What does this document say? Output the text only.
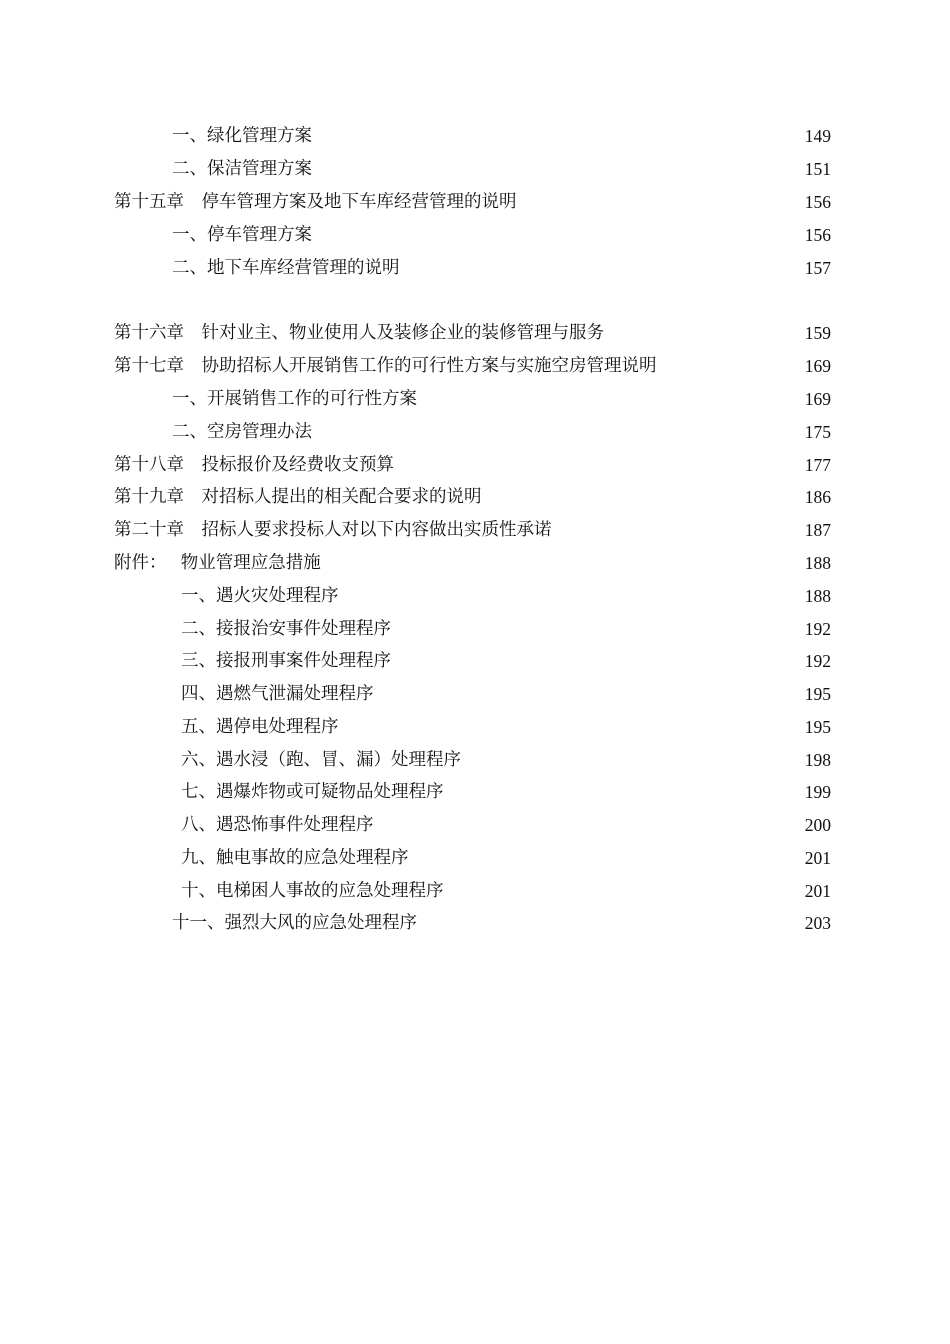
一、绿化管理方案	149
二、保洁管理方案	151
第十五章　停车管理方案及地下车库经营管理的说明	156
一、停车管理方案	156
二、地下车库经营管理的说明	157
第十六章　针对业主、物业使用人及装修企业的装修管理与服务	159
第十七章　协助招标人开展销售工作的可行性方案与实施空房管理说明	169
一、开展销售工作的可行性方案	169
二、空房管理办法	175
第十八章　投标报价及经费收支预算	177
第十九章　对招标人提出的相关配合要求的说明	186
第二十章　招标人要求投标人对以下内容做出实质性承诺	187
附件：　 物业管理应急措施	188
一、遇火灾处理程序	188
二、接报治安事件处理程序	192
三、接报刑事案件处理程序	192
四、遇燃气泄漏处理程序	195
五、遇停电处理程序	195
六、遇水浸（跑、冒、漏）处理程序	198
七、遇爆炸物或可疑物品处理程序	199
八、遇恐怖事件处理程序	200
九、触电事故的应急处理程序	201
十、电梯困人事故的应急处理程序	201
十一、强烈大风的应急处理程序	203
